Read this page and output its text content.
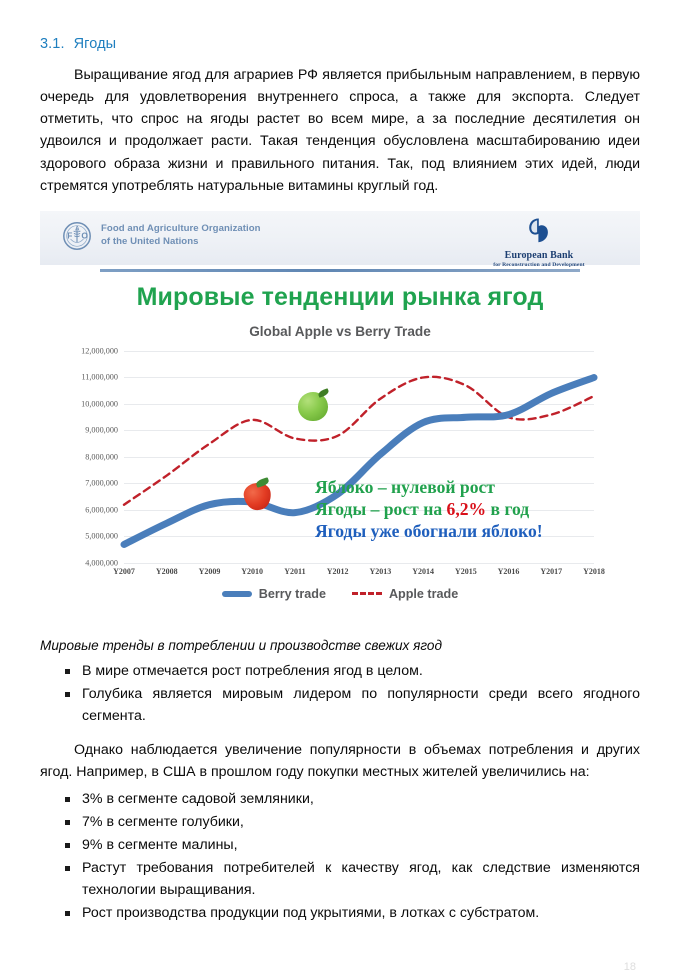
3.1. Ягоды

Выращивание ягод для аграриев РФ является прибыльным направлением, в первую очередь для удовлетворения внутреннего спроса, а также для экспорта. Следует отметить, что спрос на ягоды растет во всем мире, а за последние десятилетия он удвоился и продолжает расти. Такая тенденция обусловлена масштабированию идеи здорового образа жизни и правильного питания. Так, под влиянием этих идей, люди стремятся употреблять натуральные витамины круглый год.

F
A
O
Food and Agriculture Organization
of the United Nations
European Bank
for Reconstruction and Development
Мировые тенденции рынка ягод
Global Apple vs Berry Trade
12,000,000
11,000,000
10,000,000
9,000,000
8,000,000
7,000,000
6,000,000
5,000,000
4,000,000
Y2007	Y2008	Y2009	Y2010	Y2011	Y2012	Y2013	Y2014	Y2015	Y2016	Y2017	Y2018
Яблоко – нулевой рост
Ягоды – рост на 6,2% в год
Ягоды уже обогнали яблоко!
Berry trade	Apple trade

Мировые тренды в потреблении и производстве свежих ягод

В мире отмечается рост потребления ягод в целом.
Голубика является мировым лидером по популярности среди всего ягодного сегмента.

Однако наблюдается увеличение популярности в объемах потребления и других ягод. Например, в США в прошлом году покупки местных жителей увеличились на:

3% в сегменте садовой земляники,
7% в сегменте голубики,
9% в сегменте малины,
Растут требования потребителей к качеству ягод, как следствие изменяются технологии выращивания.
Рост производства продукции под укрытиями, в лотках с субстратом.
18
